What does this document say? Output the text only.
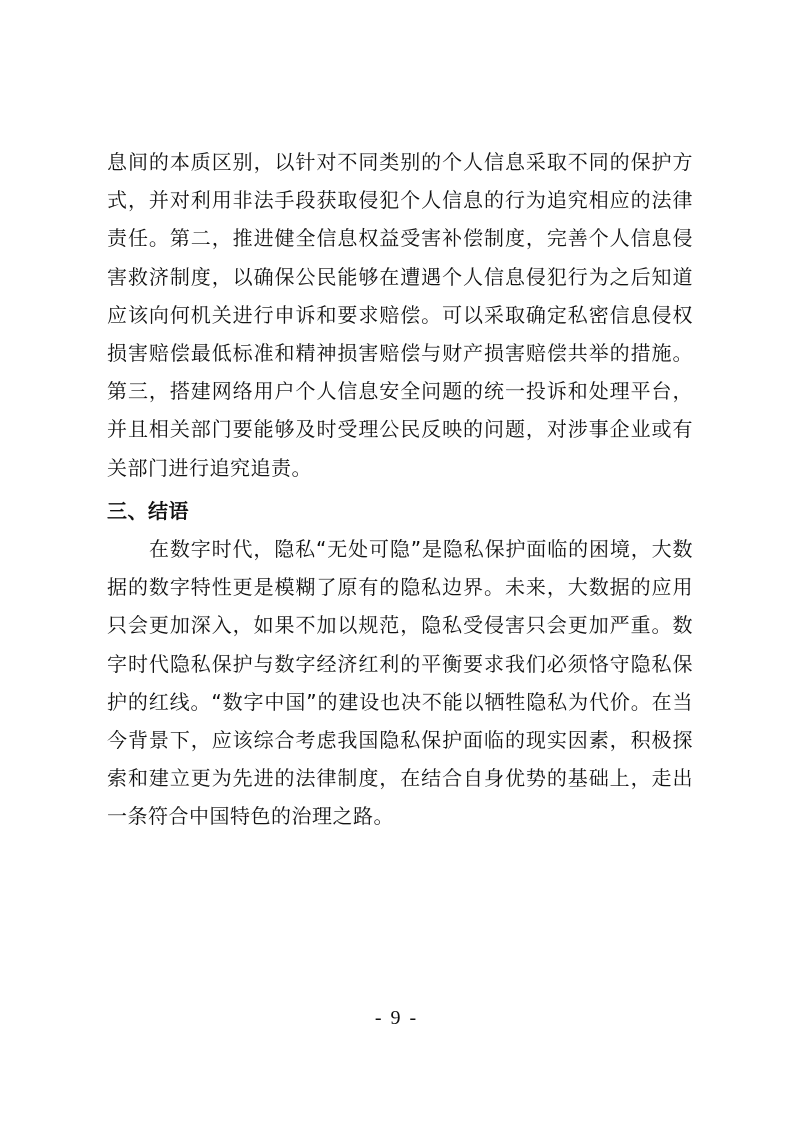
息间的本质区别，以针对不同类别的个人信息采取不同的保护方式，并对利用非法手段获取侵犯个人信息的行为追究相应的法律责任。第二，推进健全信息权益受害补偿制度，完善个人信息侵害救济制度，以确保公民能够在遭遇个人信息侵犯行为之后知道应该向何机关进行申诉和要求赔偿。可以采取确定私密信息侵权损害赔偿最低标准和精神损害赔偿与财产损害赔偿共举的措施。第三，搭建网络用户个人信息安全问题的统一投诉和处理平台，并且相关部门要能够及时受理公民反映的问题，对涉事企业或有关部门进行追究追责。

三、结语

在数字时代，隐私“无处可隐”是隐私保护面临的困境，大数据的数字特性更是模糊了原有的隐私边界。未来，大数据的应用只会更加深入，如果不加以规范，隐私受侵害只会更加严重。数字时代隐私保护与数字经济红利的平衡要求我们必须恪守隐私保护的红线。“数字中国”的建设也决不能以牺牲隐私为代价。在当今背景下，应该综合考虑我国隐私保护面临的现实因素，积极探索和建立更为先进的法律制度，在结合自身优势的基础上，走出一条符合中国特色的治理之路。

- 9 -
